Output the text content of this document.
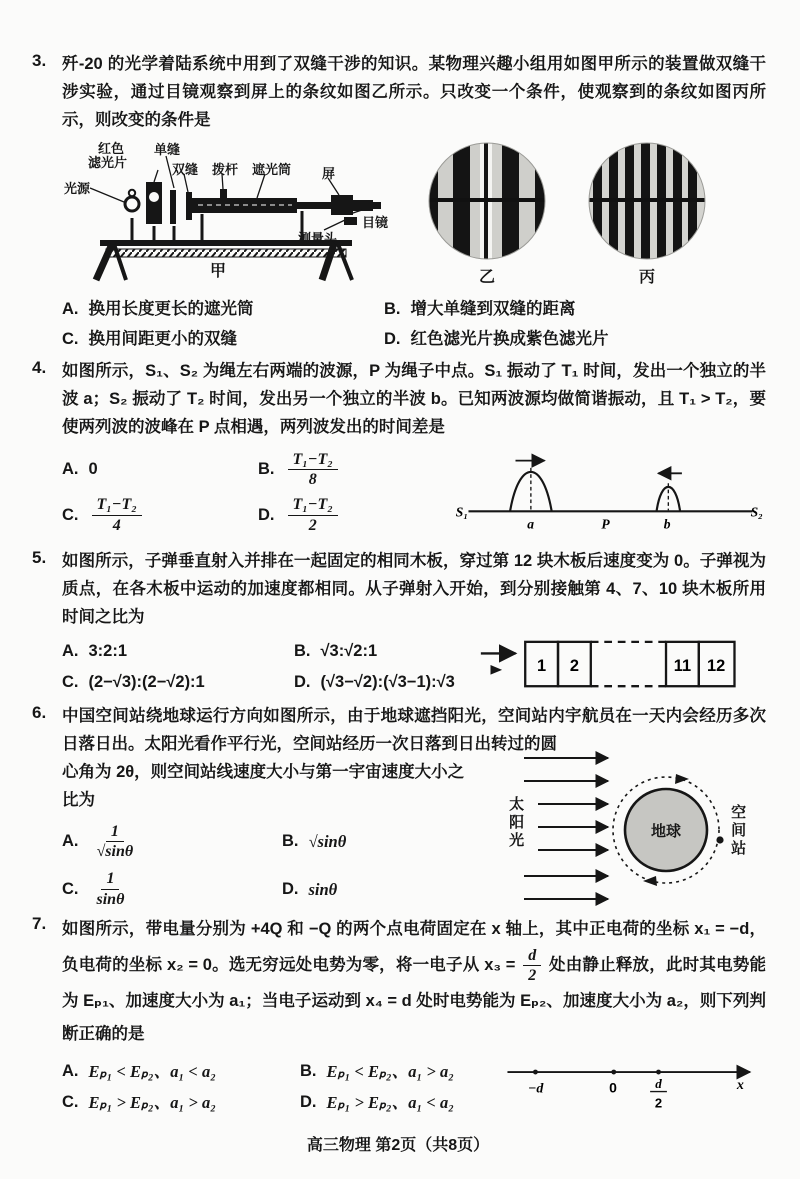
3. 歼-20 的光学着陆系统中用到了双缝干涉的知识。某物理兴趣小组用如图甲所示的装置做双缝干涉实验，通过目镜观察到屏上的条纹如图乙所示。只改变一个条件，使观察到的条纹如图丙所示，则改变的条件是

红色
滤光片
单缝
双缝 拨杆 遮光筒 屏
光源
目镜
测量头
甲	乙	丙
A. 换用长度更长的遮光筒	B. 增大单缝到双缝的距离
C. 换用间距更小的双缝	D. 红色滤光片换成紫色滤光片
4. 如图所示，S₁、S₂ 为绳左右两端的波源，P 为绳子中点。S₁ 振动了 T₁ 时间，发出一个独立的半波 a；S₂ 振动了 T₂ 时间，发出另一个独立的半波 b。已知两波源均做简谐振动，且 T₁ > T₂，要使两列波的波峰在 P 点相遇，两列波发出的时间差是

A. 0	B. $\frac{\text{T₁−T₂}}{8}$
C. $\frac{\text{T₁−T₂}}{4}$	D. $\frac{\text{T₁−T₂}}{2}$	S₁
a	P	b
S₂
5. 如图所示，子弹垂直射入并排在一起固定的相同木板，穿过第 12 块木板后速度变为 0。子弹视为质点，在各木板中运动的加速度都相同。从子弹射入开始，到分别接触第 4、7、10 块木板所用时间之比为

A. 3:2:1	B. √3:√2:1
C. (2−√3):(2−√2):1	D. (√3−√2):(√3−1):√3
1 2	11 12
6. 中国空间站绕地球运行方向如图所示，由于地球遮挡阳光，空间站内宇航员在一天内会经历多次日落日出。太阳光看作平行光，空间站经历一次日落到日出转过的圆

心角为 2θ，则空间站线速度大小与第一宇宙速度大小之
比为
A. $\frac{1}{√\sin\theta}$	B. √sinθ
C. $\frac{1}{\sin\theta}$	D. sinθ
太阳光
地球
空间站
7. 如图所示，带电量分别为 +4Q 和 −Q 的两个点电荷固定在 x 轴上，其中正电荷的坐标 x₁ = −d，负电荷的坐标 x₂ = 0。选无穷远处电势为零，将一电子从 $x_3 = \frac{d}{2}$ 处由静止释放，此时其电势能为 Eₚ₁、加速度大小为 a₁；当电子运动到 x₄ = d 处时电势能为 Eₚ₂、加速度大小为 a₂，则下列判断正确的是

A. Eₚ₁ < Eₚ₂、a₁ < a₂	B. Eₚ₁ < Eₚ₂、a₁ > a₂
C. Eₚ₁ > Eₚ₂、a₁ > a₂	D. Eₚ₁ > Eₚ₂、a₁ < a₂
−d	0	d
2
x
高三物理 第2页（共8页）
